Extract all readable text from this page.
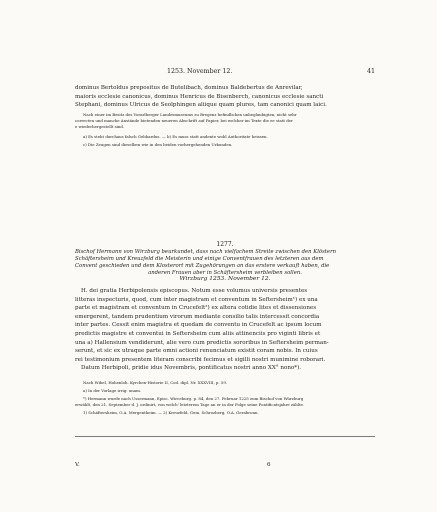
1253. November 12.	41

dominus Bertoldus prepositus de Butelibach, dominus Baldebertus de Anrevilar,

maioris ecclesie canonicus, dominus Henricus de Bisenberch, canonicus ecclesie sancti

Stephani, dominus Ulricus de Seolphingen aliique quam plures, tam canonici quam laici.

Nach einer im Besitz des Vorarlberger Landesmuseums zu Bregenz befindlichen unbeglaubigten, nicht sehr

correcten und manche Anstände bietenden neueren Abschrift auf Papier, bei welcher im Texte die ee statt der

e wiederhergestellt sind.

a) Es steht durchaus falsch Gebhardus. — b) Es muss statt andente wohl Authoritate heissen.

c) Die Zeugen sind dieselben wie in den beiden vorhergehenden Urkunden.

1277.

Bischof Hermann von Wirzburg beurkundet, dass nach vielfachem Streite zwischen den Klöstern

Schäftersheim und Kreuzfeld die Meisterin und einige Conventfrauen des letzteren aus dem

Convent geschieden und dem Klosterort mit Zugehörungen an das erstere verkauft haben, die

anderen Frauen aber in Schäftersheim verbleiben sollen.

Wirzburg 1253. November 12.

H. dei gratia Herbipolensis episcopus. Notum esse volumus universis presentes

litteras inspecturis, quod, cum inter magistram et conventum in Seftersheim¹) ex una

parte et magistram et conventum in Crucefelt²) ex altera cotidie lites et dissensiones

emergerent, tandem prudentium virorum mediante consilio talis intercessit concordia

inter partes. Cessit enim magistra et quedam de conventu in Crucefelt ac ipsum locum

predictis magistre et conventui in Seftersheim cum aliis attinenciis pro viginti libris et

una a) Hallensium vendiderunt, alie vero cum predictis sororibus in Seftersheim perman-

serunt, et sic ex utraque parte omni actioni renunciatum existit coram nobis. In cuius

rei testimonium presentem literam conscribi fecimus et sigilli nostri munimine roborari.

Datum Herbipoli, pridie idus Novembris, pontificatus nostri anno XX° nono*).

Nach Wibel, Hohenloh. Kyrchen-Historie II, Cod. dipl. Nr. XXXVIII, p. 59.

a) In der Vorlage irrig: unam.

*) Hermann wurde nach Ussermann, Episc. Wirceburg. p. 84, den 27. Februar 1225 zum Bischof von Würzburg

erwählt, den 21. September d. J. ordinirt, von welch' letzterem Tage an er in der Folge seine Pontificatsjahre zählte.

1) Schäftersheim, O.A. Mergentheim. — 2) Kreuzfeld, Gem. Schrozberg, O.A. Gerabronn.

V.	6
